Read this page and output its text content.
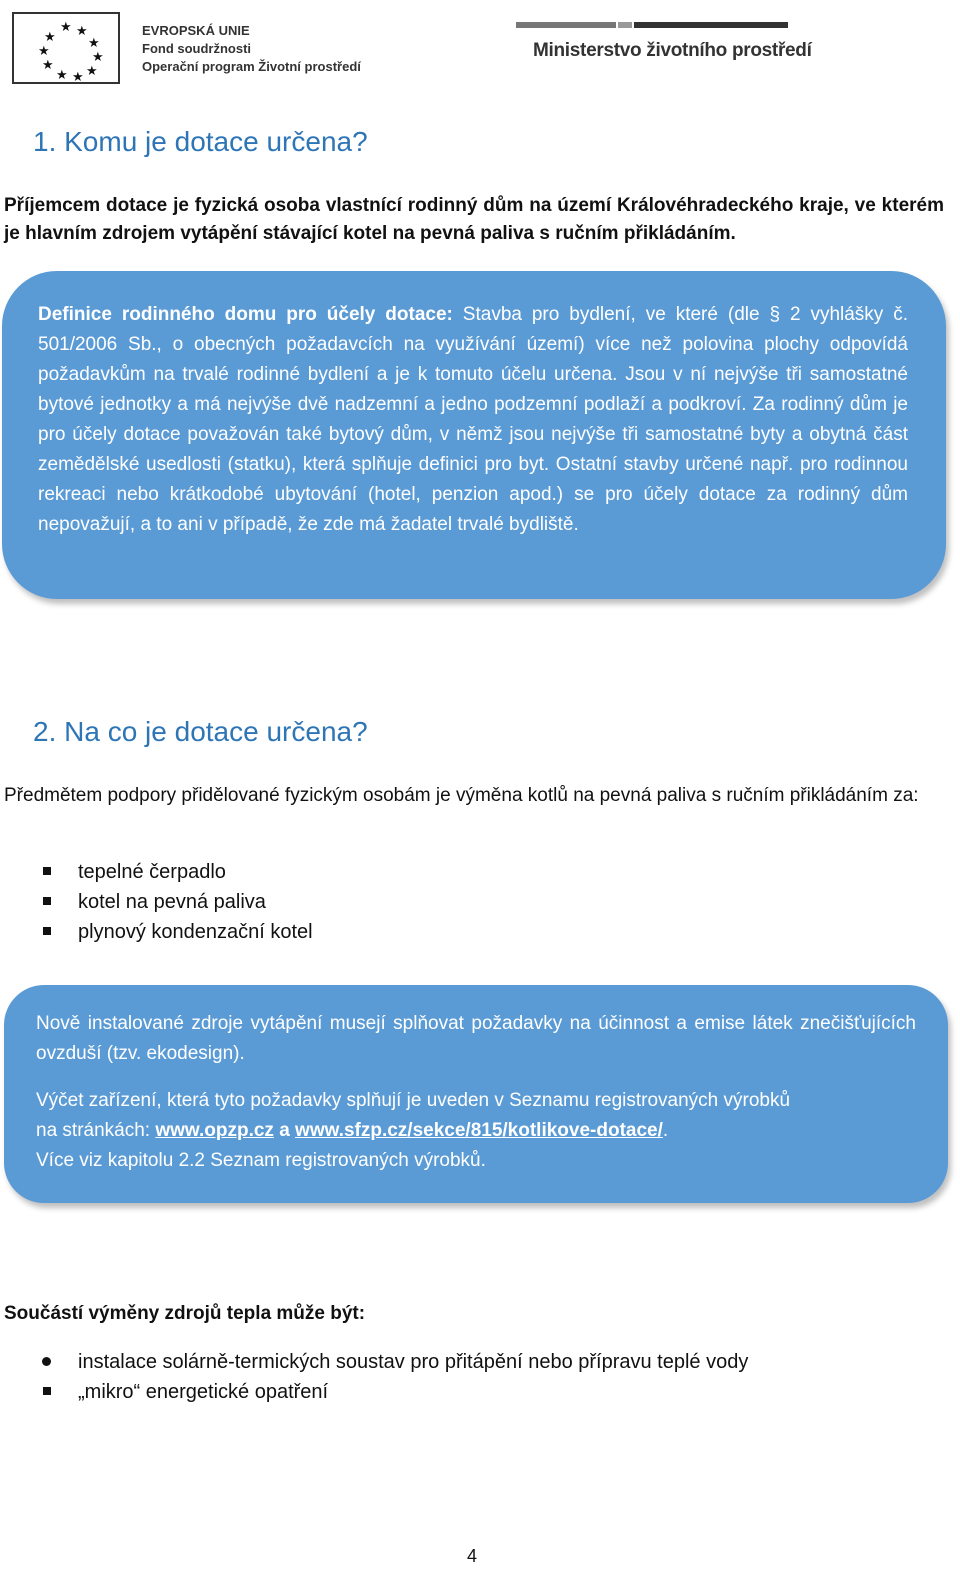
★ ★
★
★
★
★
★
★
★
★	EVROPSKÁ UNIE
Fond soudržnosti
Operační program Životní prostředí
Ministerstvo životního prostředí
1. Komu je dotace určena?
Příjemcem dotace je fyzická osoba vlastnící rodinný dům na území Královéhradeckého kraje, ve kterém je hlavním zdrojem vytápění stávající kotel na pevná paliva s ručním přikládáním.
Definice rodinného domu pro účely dotace: Stavba pro bydlení, ve které (dle § 2 vyhlášky č. 501/2006 Sb., o obecných požadavcích na využívání území) více než polovina plochy odpovídá požadavkům na trvalé rodinné bydlení a je k tomuto účelu určena. Jsou v ní nejvýše tři samostatné bytové jednotky a má nejvýše dvě nadzemní a jedno podzemní podlaží a podkroví. Za rodinný dům je pro účely dotace považován také bytový dům, v němž jsou nejvýše tři samostatné byty a obytná část zemědělské usedlosti (statku), která splňuje definici pro byt. Ostatní stavby určené např. pro rodinnou rekreaci nebo krátkodobé ubytování (hotel, penzion apod.) se pro účely dotace za rodinný dům nepovažují, a to ani v případě, že zde má žadatel trvalé bydliště.
2. Na co je dotace určena?
Předmětem podpory přidělované fyzickým osobám je výměna kotlů na pevná paliva s ručním přikládáním za:
tepelné čerpadlo
kotel na pevná paliva
plynový kondenzační kotel
Nově instalované zdroje vytápění musejí splňovat požadavky na účinnost a emise látek znečišťujících ovzduší (tzv. ekodesign).
Výčet zařízení, která tyto požadavky splňují je uveden v Seznamu registrovaných výrobků
na stránkách: www.opzp.cz a www.sfzp.cz/sekce/815/kotlikove-dotace/.
Více viz kapitolu 2.2 Seznam registrovaných výrobků.
Součástí výměny zdrojů tepla může být:
instalace solárně-termických soustav pro přitápění nebo přípravu teplé vody
„mikro“ energetické opatření
4
